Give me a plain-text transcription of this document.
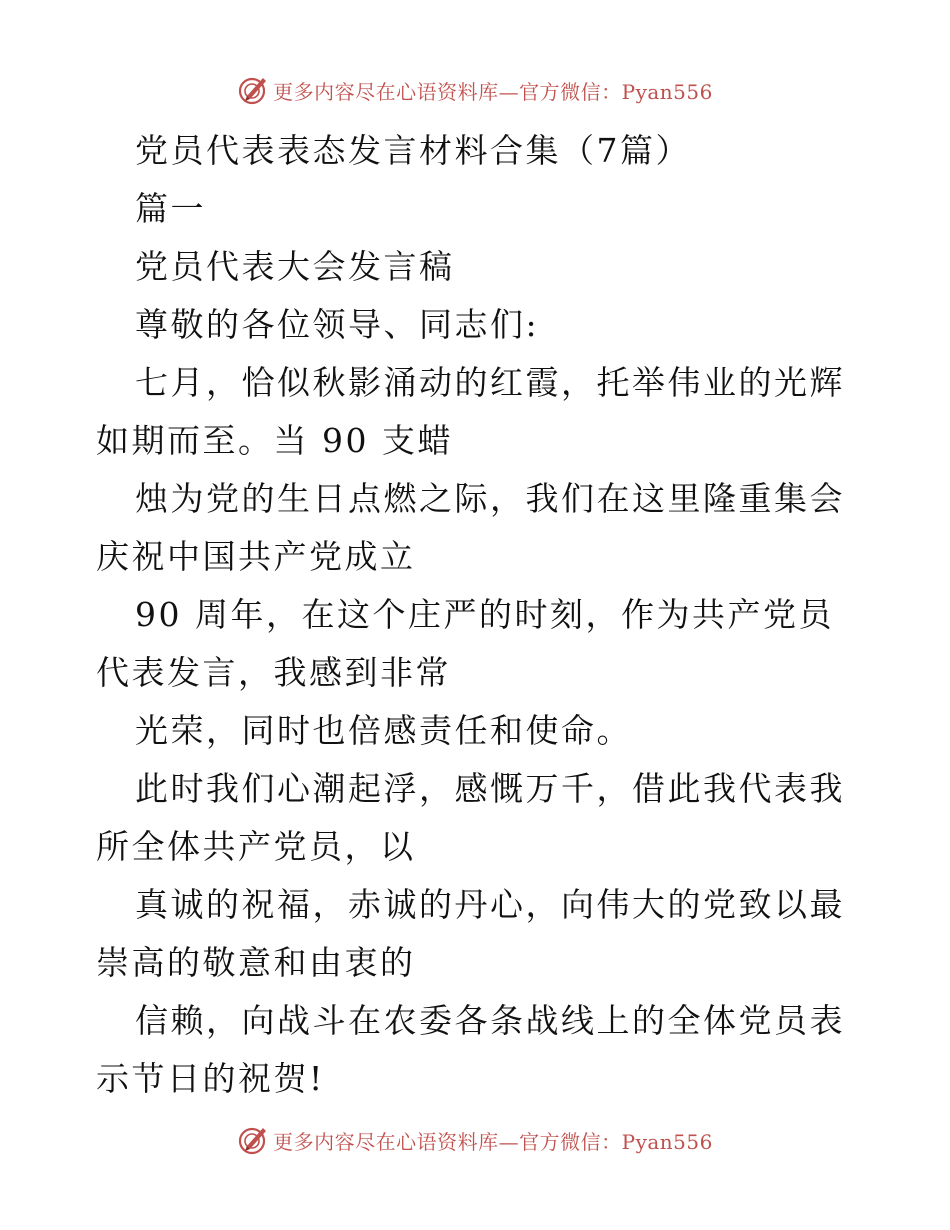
更多内容尽在心语资料库—官方微信：Pyan556

党员代表表态发言材料合集（7篇）

篇一

党员代表大会发言稿

尊敬的各位领导、同志们:

七月，恰似秋影涌动的红霞，托举伟业的光辉如期而至。当 90 支蜡

烛为党的生日点燃之际，我们在这里隆重集会庆祝中国共产党成立

90 周年，在这个庄严的时刻，作为共产党员代表发言，我感到非常

光荣，同时也倍感责任和使命。

此时我们心潮起浮，感慨万千，借此我代表我所全体共产党员，以

真诚的祝福，赤诚的丹心，向伟大的党致以最崇高的敬意和由衷的

信赖，向战斗在农委各条战线上的全体党员表示节日的祝贺!

更多内容尽在心语资料库—官方微信：Pyan556
